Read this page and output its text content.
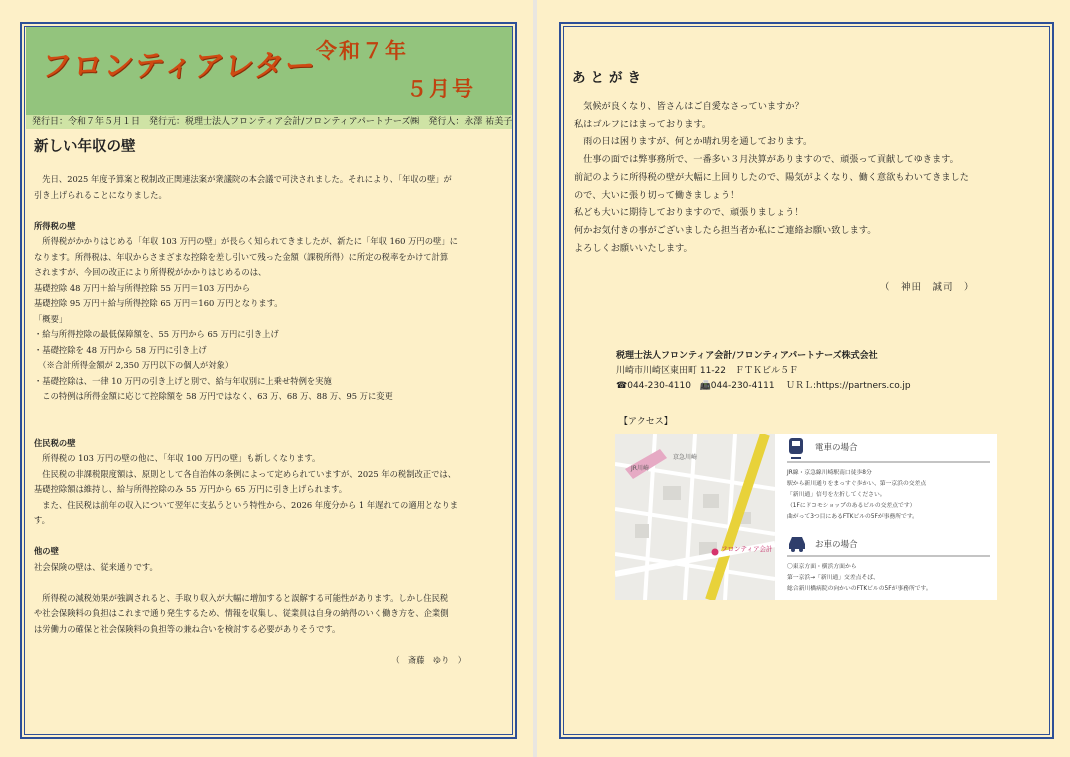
フロンティアレター
令和７年
５月号
発行日：令和７年５月１日　発行元：税理士法人フロンティア会計/フロンティアパートナーズ㈱　発行人：永澤 祐美子
新しい年収の壁

　先日、2025 年度予算案と税制改正関連法案が衆議院の本会議で可決されました。それにより、「年収の壁」が

引き上げられることになりました。

所得税の壁

　所得税がかかりはじめる「年収 103 万円の壁」が長らく知られてきましたが、新たに「年収 160 万円の壁」に

なります。所得税は、年収からさまざまな控除を差し引いて残った金額（課税所得）に所定の税率をかけて計算

されますが、今回の改正により所得税がかかりはじめるのは、

基礎控除 48 万円＋給与所得控除 55 万円＝103 万円から

基礎控除 95 万円＋給与所得控除 65 万円＝160 万円となります。

「概要」

・給与所得控除の最低保障額を、55 万円から 65 万円に引き上げ

・基礎控除を 48 万円から 58 万円に引き上げ

　（※合計所得金額が 2,350 万円以下の個人が対象）

・基礎控除は、一律 10 万円の引き上げと別で、給与年収別に上乗せ特例を実施

　この特例は所得金額に応じて控除額を 58 万円ではなく、63 万、68 万、88 万、95 万に変更

住民税の壁

　所得税の 103 万円の壁の他に、「年収 100 万円の壁」も新しくなります。

　住民税の非課税限度額は、原則として各自治体の条例によって定められていますが、2025 年の税制改正では、

基礎控除額は維持し、給与所得控除のみ 55 万円から 65 万円に引き上げられます。

　また、住民税は前年の収入について翌年に支払うという特性から、2026 年度分から 1 年遅れての適用となりま

す。

他の壁

社会保険の壁は、従来通りです。

　所得税の減税効果が強調されると、手取り収入が大幅に増加すると誤解する可能性があります。しかし住民税

や社会保険料の負担はこれまで通り発生するため、情報を収集し、従業員は自身の納得のいく働き方を、企業側

は労働力の確保と社会保険料の負担等の兼ね合いを検討する必要がありそうです。

（　斎藤　ゆり　）

あとがき

　気候が良くなり、皆さんはご自愛なさっていますか？

私はゴルフにはまっております。

　雨の日は困りますが、何とか晴れ男を通しております。

　仕事の面では弊事務所で、一番多い３月決算がありますので、頑張って貢献してゆきます。

前記のように所得税の壁が大幅に上回りしたので、陽気がよくなり、働く意欲もわいてきました

ので、大いに張り切って働きましょう！

私ども大いに期待しておりますので、頑張りましょう！

何かお気付きの事がございましたら担当者か私にご連絡お願い致します。

よろしくお願いいたします。

（　神田　誠司　）
税理士法人フロンティア会計/フロンティアパートナーズ株式会社
川崎市川崎区東田町 11-22　ＦＴＫビル５Ｆ
☎044-230-4110 📠044-230-4111 ＵＲＬ:https://partners.co.jp
【アクセス】
JR川崎
京急川崎
フロンティア会計
電車の場合
JR線・京急線川崎駅南口徒歩8分
駅から新川通りをまっすぐ歩かい、第一京浜の交差点
「新川通」信号を左折してください。
（1Fにドコモショップのあるビルの交差点です）
曲がって3つ目にあるFTKビルの5Fが事務所です。
お車の場合
〇東京方面・横浜方面から
第一京浜→「新川通」交差点そば、
総合新川橋病院の向かいのFTKビルの5Fが事務所です。
